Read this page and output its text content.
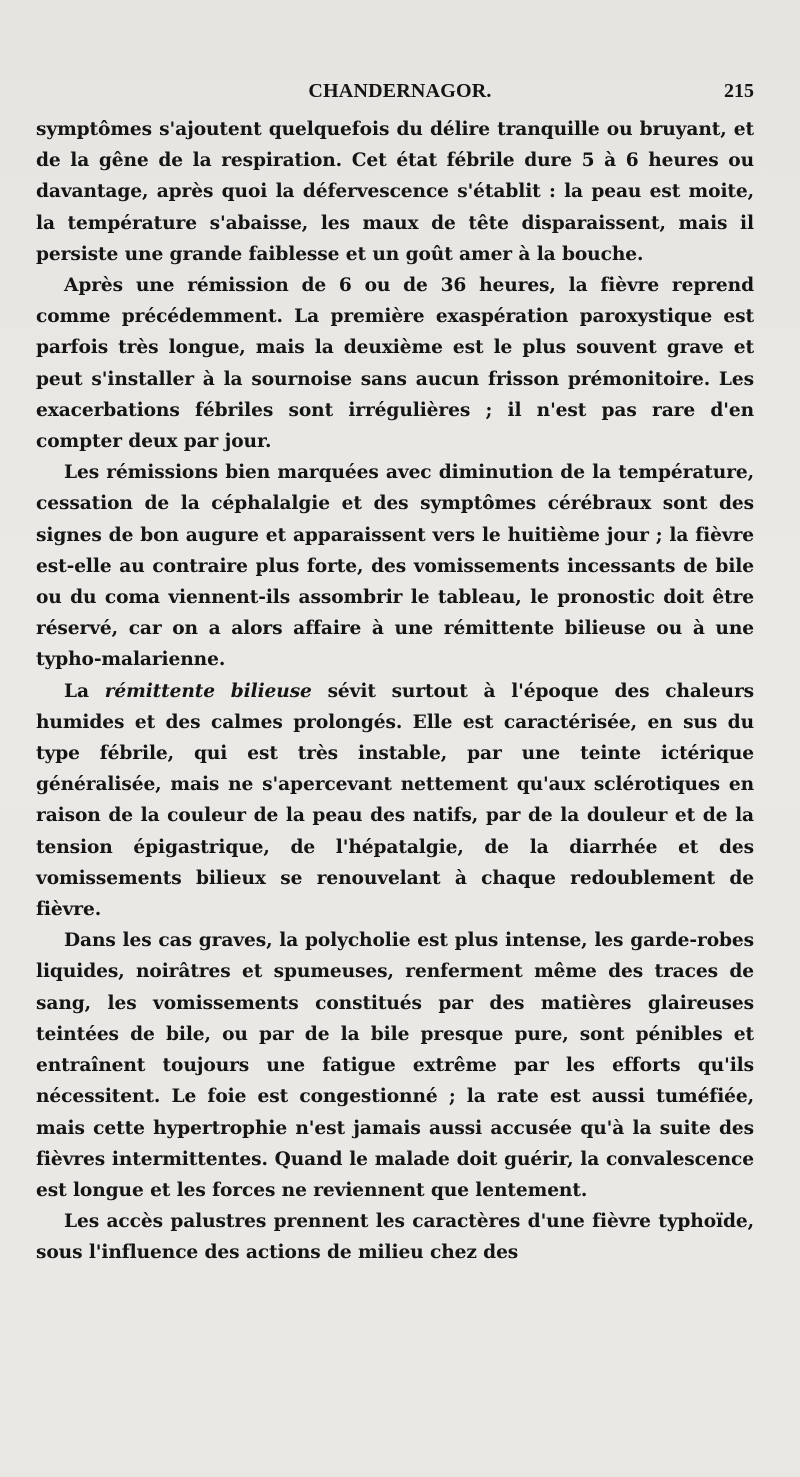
CHANDERNAGOR.	215

symptômes s'ajoutent quelquefois du délire tranquille ou bruyant, et de la gêne de la respiration. Cet état fébrile dure 5 à 6 heures ou davantage, après quoi la défervescence s'établit : la peau est moite, la température s'abaisse, les maux de tête disparaissent, mais il persiste une grande faiblesse et un goût amer à la bouche.

Après une rémission de 6 ou de 36 heures, la fièvre reprend comme précédemment. La première exaspération paroxystique est parfois très longue, mais la deuxième est le plus souvent grave et peut s'installer à la sournoise sans aucun frisson prémonitoire. Les exacerbations fébriles sont irrégulières ; il n'est pas rare d'en compter deux par jour.

Les rémissions bien marquées avec diminution de la température, cessation de la céphalalgie et des symptômes cérébraux sont des signes de bon augure et apparaissent vers le huitième jour ; la fièvre est-elle au contraire plus forte, des vomissements incessants de bile ou du coma viennent-ils assombrir le tableau, le pronostic doit être réservé, car on a alors affaire à une rémittente bilieuse ou à une typho-malarienne.

La rémittente bilieuse sévit surtout à l'époque des chaleurs humides et des calmes prolongés. Elle est caractérisée, en sus du type fébrile, qui est très instable, par une teinte ictérique généralisée, mais ne s'apercevant nettement qu'aux sclérotiques en raison de la couleur de la peau des natifs, par de la douleur et de la tension épigastrique, de l'hépatalgie, de la diarrhée et des vomissements bilieux se renouvelant à chaque redoublement de fièvre.

Dans les cas graves, la polycholie est plus intense, les garde-robes liquides, noirâtres et spumeuses, renferment même des traces de sang, les vomissements constitués par des matières glaireuses teintées de bile, ou par de la bile presque pure, sont pénibles et entraînent toujours une fatigue extrême par les efforts qu'ils nécessitent. Le foie est congestionné ; la rate est aussi tuméfiée, mais cette hypertrophie n'est jamais aussi accusée qu'à la suite des fièvres intermittentes. Quand le malade doit guérir, la convalescence est longue et les forces ne reviennent que lentement.

Les accès palustres prennent les caractères d'une fièvre typhoïde, sous l'influence des actions de milieu chez des
